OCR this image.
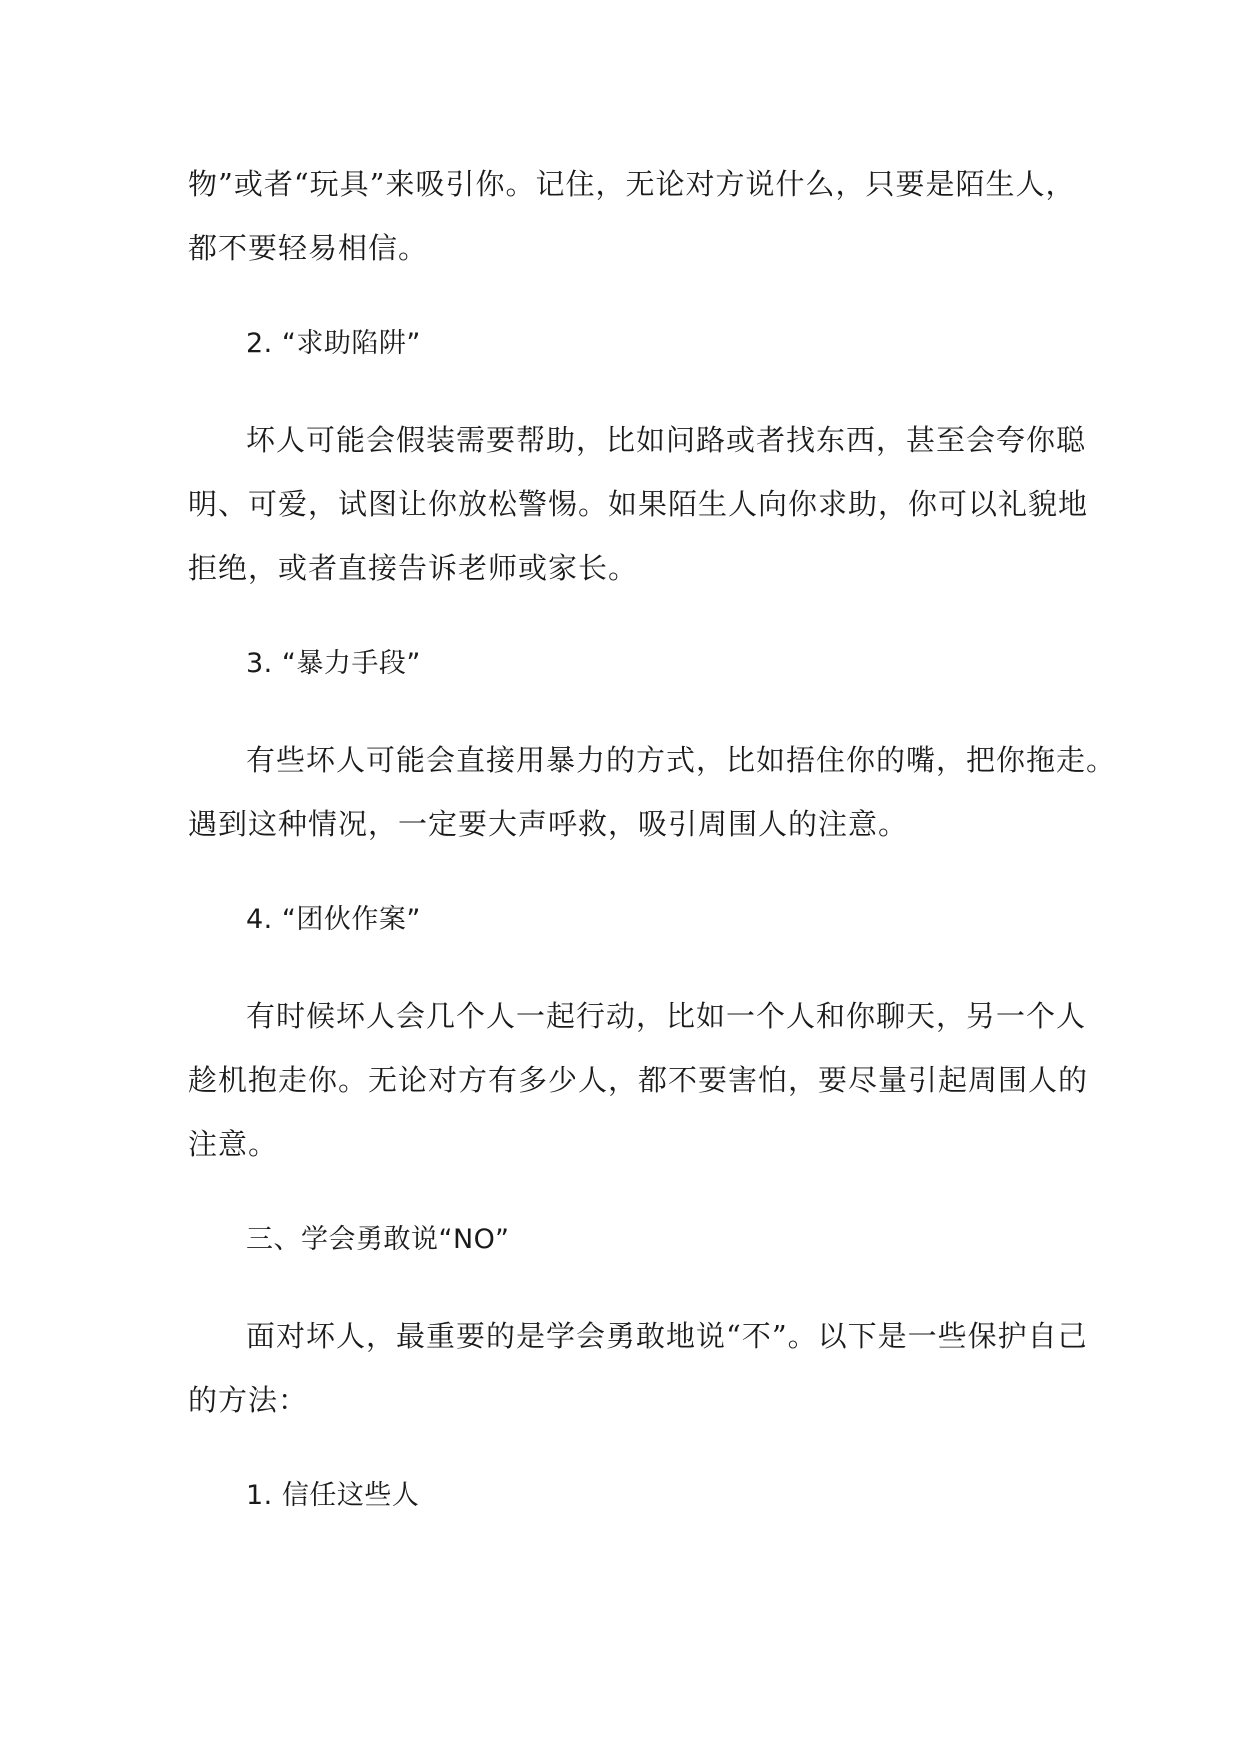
物”或者“玩具”来吸引你。记住，无论对方说什么，只要是陌生人，
都不要轻易相信。
2. “求助陷阱”
坏人可能会假装需要帮助，比如问路或者找东西，甚至会夸你聪
明、可爱，试图让你放松警惕。如果陌生人向你求助，你可以礼貌地
拒绝，或者直接告诉老师或家长。
3. “暴力手段”
有些坏人可能会直接用暴力的方式，比如捂住你的嘴，把你拖走。
遇到这种情况，一定要大声呼救，吸引周围人的注意。
4. “团伙作案”
有时候坏人会几个人一起行动，比如一个人和你聊天，另一个人
趁机抱走你。无论对方有多少人，都不要害怕，要尽量引起周围人的
注意。
三、学会勇敢说“NO”
面对坏人，最重要的是学会勇敢地说“不”。以下是一些保护自己
的方法：
1. 信任这些人
